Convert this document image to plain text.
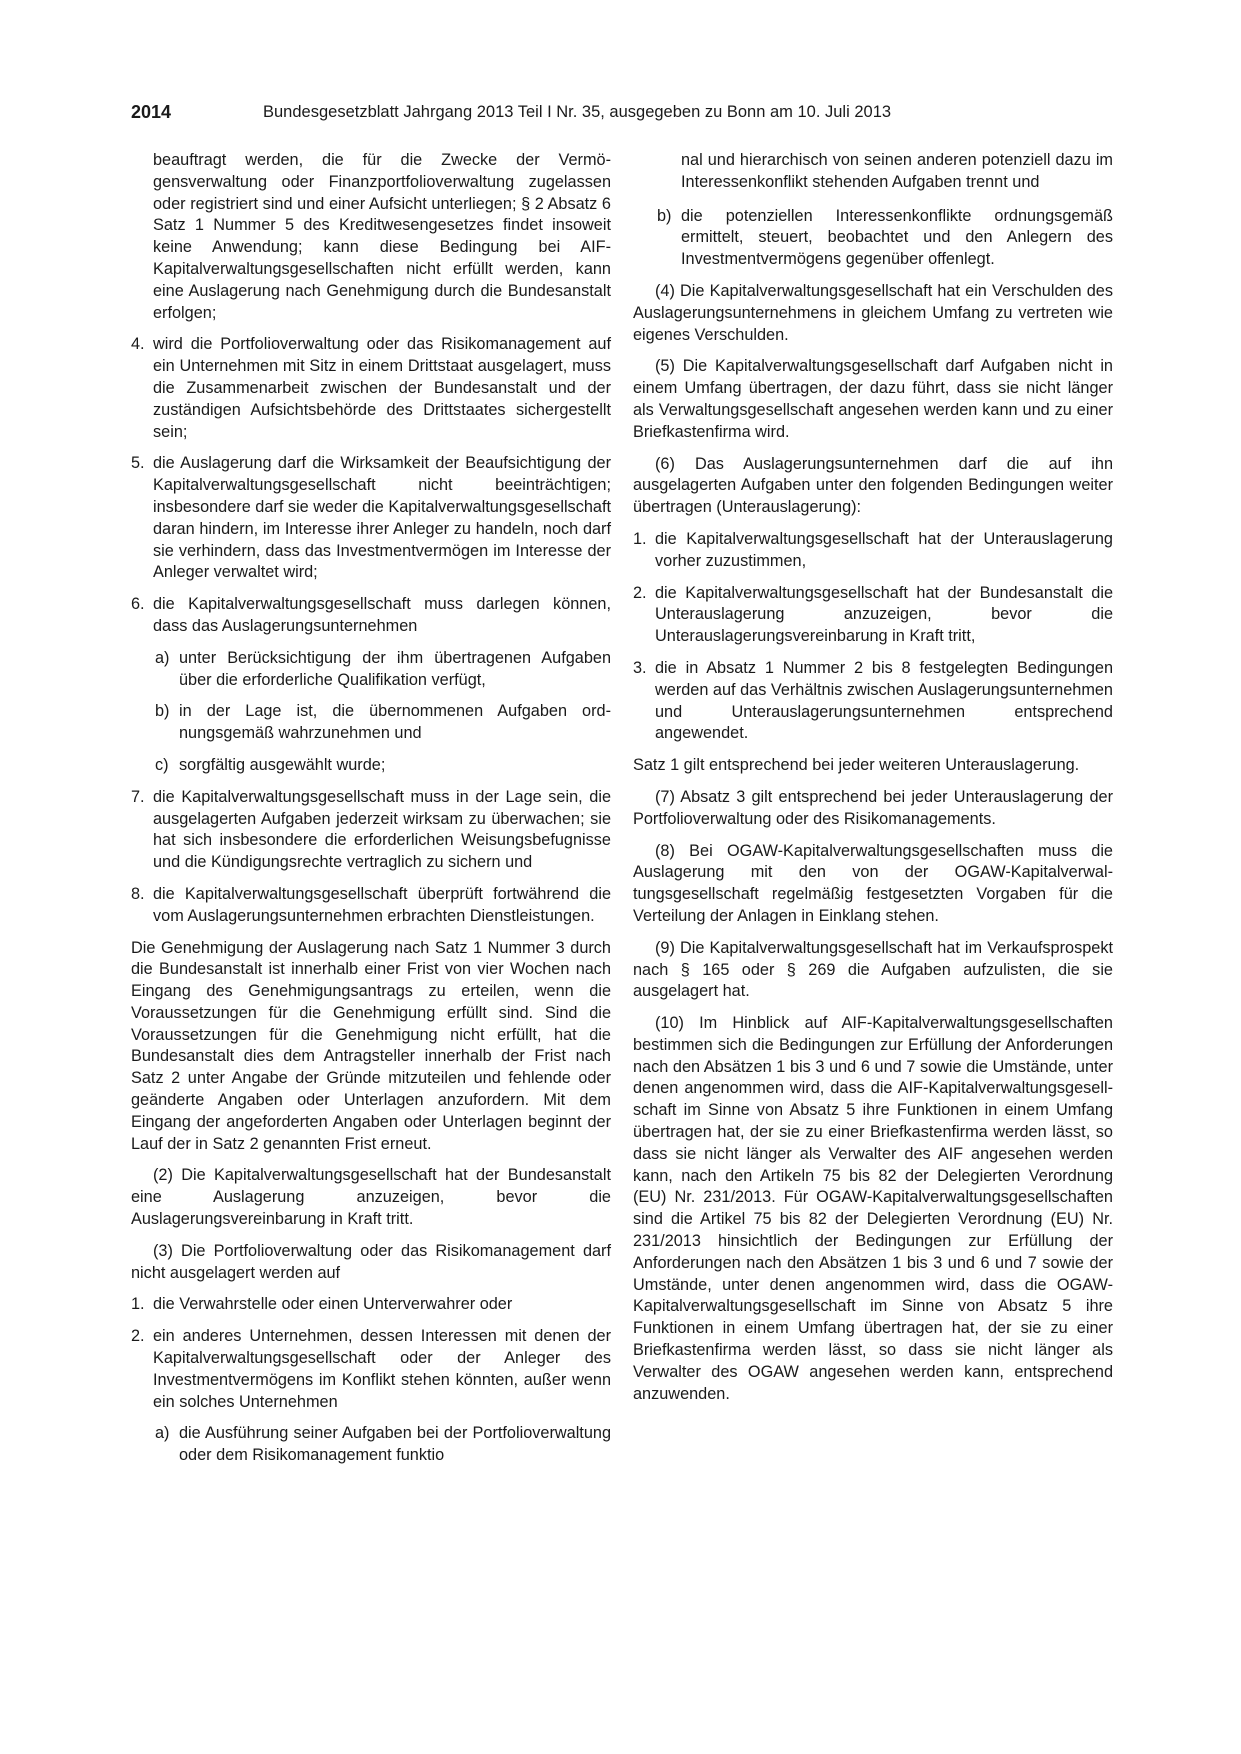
2014	Bundesgesetzblatt Jahrgang 2013 Teil I Nr. 35, ausgegeben zu Bonn am 10. Juli 2013
beauftragt werden, die für die Zwecke der Vermögensverwaltung oder Finanzportfolioverwaltung zugelassen oder registriert sind und einer Aufsicht unterliegen; § 2 Absatz 6 Satz 1 Nummer 5 des Kreditwesengesetzes findet insoweit keine Anwendung; kann diese Bedingung bei AIF-Kapitalverwaltungsgesellschaften nicht erfüllt werden, kann eine Auslagerung nach Genehmigung durch die Bundesanstalt erfolgen;
4. wird die Portfolioverwaltung oder das Risikomanagement auf ein Unternehmen mit Sitz in einem Drittstaat ausgelagert, muss die Zusammenarbeit zwischen der Bundesanstalt und der zuständigen Aufsichtsbehörde des Drittstaates sichergestellt sein;
5. die Auslagerung darf die Wirksamkeit der Beaufsichtigung der Kapitalverwaltungsgesellschaft nicht beeinträchtigen; insbesondere darf sie weder die Kapitalverwaltungsgesellschaft daran hindern, im Interesse ihrer Anleger zu handeln, noch darf sie verhindern, dass das Investmentvermögen im Interesse der Anleger verwaltet wird;
6. die Kapitalverwaltungsgesellschaft muss darlegen können, dass das Auslagerungsunternehmen
a) unter Berücksichtigung der ihm übertragenen Aufgaben über die erforderliche Qualifikation verfügt,
b) in der Lage ist, die übernommenen Aufgaben ordnungsgemäß wahrzunehmen und
c) sorgfältig ausgewählt wurde;
7. die Kapitalverwaltungsgesellschaft muss in der Lage sein, die ausgelagerten Aufgaben jederzeit wirksam zu überwachen; sie hat sich insbesondere die erforderlichen Weisungsbefugnisse und die Kündigungsrechte vertraglich zu sichern und
8. die Kapitalverwaltungsgesellschaft überprüft fortwährend die vom Auslagerungsunternehmen erbrachten Dienstleistungen.

Die Genehmigung der Auslagerung nach Satz 1 Nummer 3 durch die Bundesanstalt ist innerhalb einer Frist von vier Wochen nach Eingang des Genehmigungsantrags zu erteilen, wenn die Voraussetzungen für die Genehmigung erfüllt sind. Sind die Voraussetzungen für die Genehmigung nicht erfüllt, hat die Bundesanstalt dies dem Antragsteller innerhalb der Frist nach Satz 2 unter Angabe der Gründe mitzuteilen und fehlende oder geänderte Angaben oder Unterlagen anzufordern. Mit dem Eingang der angeforderten Angaben oder Unterlagen beginnt der Lauf der in Satz 2 genannten Frist erneut.

(2) Die Kapitalverwaltungsgesellschaft hat der Bundesanstalt eine Auslagerung anzuzeigen, bevor die Auslagerungsvereinbarung in Kraft tritt.

(3) Die Portfolioverwaltung oder das Risikomanagement darf nicht ausgelagert werden auf

1. die Verwahrstelle oder einen Unterverwahrer oder
2. ein anderes Unternehmen, dessen Interessen mit denen der Kapitalverwaltungsgesellschaft oder der Anleger des Investmentvermögens im Konflikt stehen könnten, außer wenn ein solches Unternehmen
a) die Ausführung seiner Aufgaben bei der Portfolioverwaltung oder dem Risikomanagement funktio
nal und hierarchisch von seinen anderen potenziell dazu im Interessenkonflikt stehenden Aufgaben trennt und
b) die potenziellen Interessenkonflikte ordnungsgemäß ermittelt, steuert, beobachtet und den Anlegern des Investmentvermögens gegenüber offenlegt.

(4) Die Kapitalverwaltungsgesellschaft hat ein Verschulden des Auslagerungsunternehmens in gleichem Umfang zu vertreten wie eigenes Verschulden.

(5) Die Kapitalverwaltungsgesellschaft darf Aufgaben nicht in einem Umfang übertragen, der dazu führt, dass sie nicht länger als Verwaltungsgesellschaft angesehen werden kann und zu einer Briefkastenfirma wird.

(6) Das Auslagerungsunternehmen darf die auf ihn ausgelagerten Aufgaben unter den folgenden Bedingungen weiter übertragen (Unterauslagerung):

1. die Kapitalverwaltungsgesellschaft hat der Unterauslagerung vorher zuzustimmen,
2. die Kapitalverwaltungsgesellschaft hat der Bundesanstalt die Unterauslagerung anzuzeigen, bevor die Unterauslagerungsvereinbarung in Kraft tritt,
3. die in Absatz 1 Nummer 2 bis 8 festgelegten Bedingungen werden auf das Verhältnis zwischen Auslagerungsunternehmen und Unterauslagerungsunternehmen entsprechend angewendet.

Satz 1 gilt entsprechend bei jeder weiteren Unterauslagerung.

(7) Absatz 3 gilt entsprechend bei jeder Unterauslagerung der Portfolioverwaltung oder des Risikomanagements.

(8) Bei OGAW-Kapitalverwaltungsgesellschaften muss die Auslagerung mit den von der OGAW-Kapitalverwaltungsgesellschaft regelmäßig festgesetzten Vorgaben für die Verteilung der Anlagen in Einklang stehen.

(9) Die Kapitalverwaltungsgesellschaft hat im Verkaufsprospekt nach § 165 oder § 269 die Aufgaben aufzulisten, die sie ausgelagert hat.

(10) Im Hinblick auf AIF-Kapitalverwaltungsgesellschaften bestimmen sich die Bedingungen zur Erfüllung der Anforderungen nach den Absätzen 1 bis 3 und 6 und 7 sowie die Umstände, unter denen angenommen wird, dass die AIF-Kapitalverwaltungsgesellschaft im Sinne von Absatz 5 ihre Funktionen in einem Umfang übertragen hat, der sie zu einer Briefkastenfirma werden lässt, so dass sie nicht länger als Verwalter des AIF angesehen werden kann, nach den Artikeln 75 bis 82 der Delegierten Verordnung (EU) Nr. 231/2013. Für OGAW-Kapitalverwaltungsgesellschaften sind die Artikel 75 bis 82 der Delegierten Verordnung (EU) Nr. 231/2013 hinsichtlich der Bedingungen zur Erfüllung der Anforderungen nach den Absätzen 1 bis 3 und 6 und 7 sowie der Umstände, unter denen angenommen wird, dass die OGAW-Kapitalverwaltungsgesellschaft im Sinne von Absatz 5 ihre Funktionen in einem Umfang übertragen hat, der sie zu einer Briefkastenfirma werden lässt, so dass sie nicht länger als Verwalter des OGAW angesehen werden kann, entsprechend anzuwenden.
